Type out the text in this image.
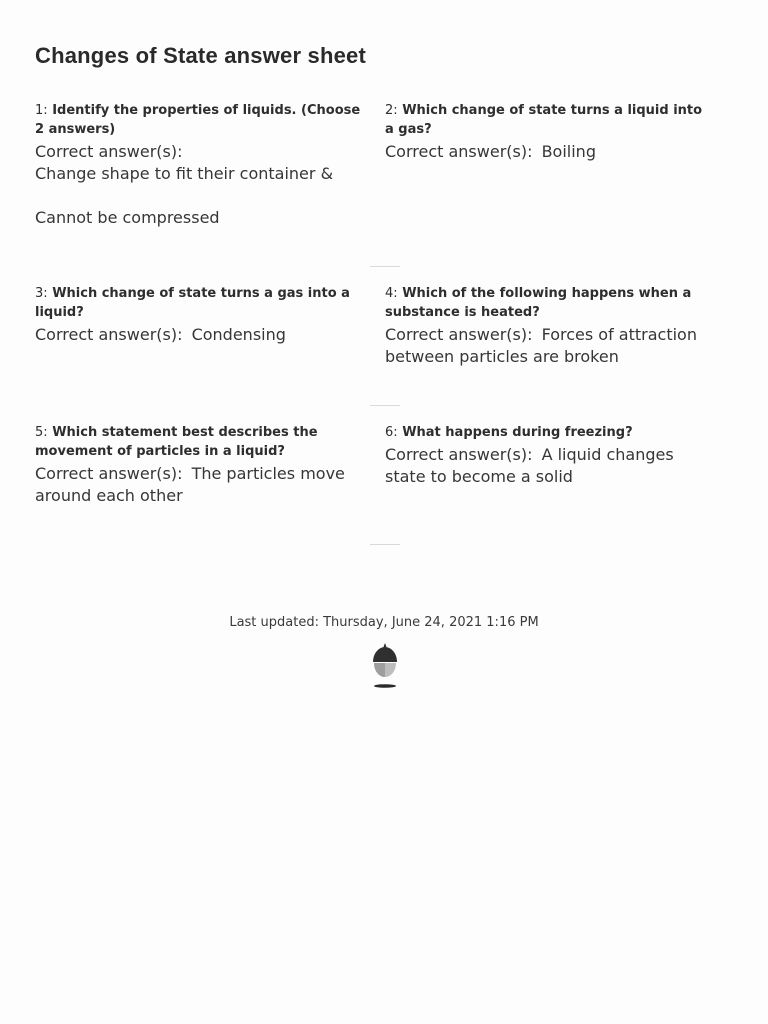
Changes of State answer sheet

1: Identify the properties of liquids. (Choose 2 answers)

Correct answer(s):
Change shape to fit their container &
Cannot be compressed

2: Which change of state turns a liquid into a gas?

Correct answer(s): Boiling

3: Which change of state turns a gas into a liquid?

Correct answer(s): Condensing

4: Which of the following happens when a substance is heated?

Correct answer(s): Forces of attraction between particles are broken

5: Which statement best describes the movement of particles in a liquid?

Correct answer(s): The particles move around each other

6: What happens during freezing?

Correct answer(s): A liquid changes state to become a solid
Last updated: Thursday, June 24, 2021 1:16 PM
